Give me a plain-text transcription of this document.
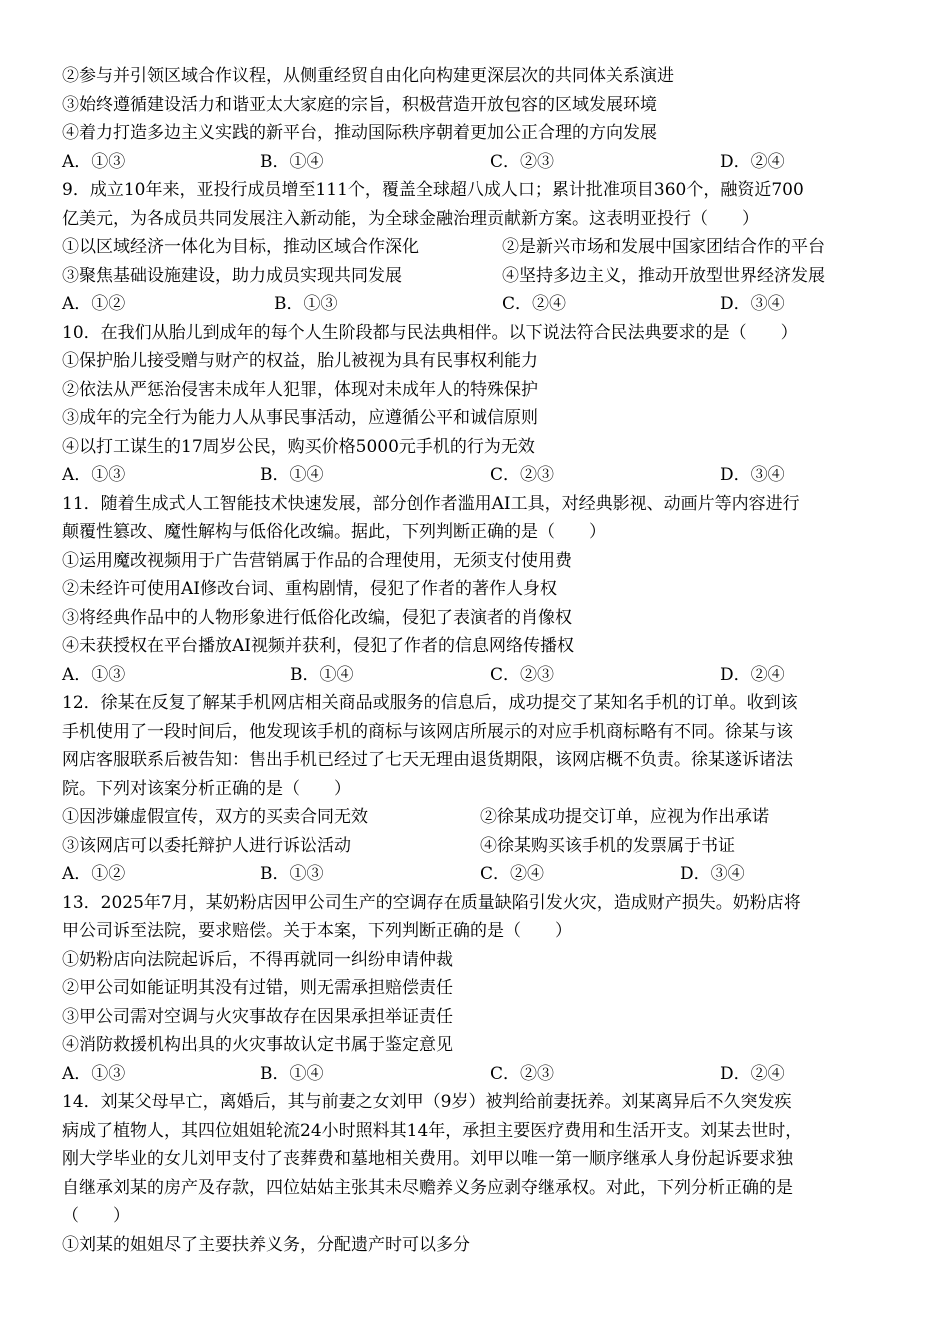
②参与并引领区域合作议程，从侧重经贸自由化向构建更深层次的共同体关系演进
③始终遵循建设活力和谐亚太大家庭的宗旨，积极营造开放包容的区域发展环境
④着力打造多边主义实践的新平台，推动国际秩序朝着更加公正合理的方向发展
A．①③	B．①④	C．②③	D．②④
9．成立10年来，亚投行成员增至111个，覆盖全球超八成人口；累计批准项目360个，融资近700
亿美元，为各成员共同发展注入新动能，为全球金融治理贡献新方案。这表明亚投行（　　）
①以区域经济一体化为目标，推动区域合作深化	②是新兴市场和发展中国家团结合作的平台
③聚焦基础设施建设，助力成员实现共同发展	④坚持多边主义，推动开放型世界经济发展
A．①②	B．①③	C．②④	D．③④
10．在我们从胎儿到成年的每个人生阶段都与民法典相伴。以下说法符合民法典要求的是（　　）
①保护胎儿接受赠与财产的权益，胎儿被视为具有民事权利能力
②依法从严惩治侵害未成年人犯罪，体现对未成年人的特殊保护
③成年的完全行为能力人从事民事活动，应遵循公平和诚信原则
④以打工谋生的17周岁公民，购买价格5000元手机的行为无效
A．①③	B．①④	C．②③	D．③④
11．随着生成式人工智能技术快速发展，部分创作者滥用AI工具，对经典影视、动画片等内容进行
颠覆性篡改、魔性解构与低俗化改编。据此，下列判断正确的是（　　）
①运用魔改视频用于广告营销属于作品的合理使用，无须支付使用费
②未经许可使用AI修改台词、重构剧情，侵犯了作者的著作人身权
③将经典作品中的人物形象进行低俗化改编，侵犯了表演者的肖像权
④未获授权在平台播放AI视频并获利，侵犯了作者的信息网络传播权
A．①③	B．①④	C．②③	D．②④
12．徐某在反复了解某手机网店相关商品或服务的信息后，成功提交了某知名手机的订单。收到该
手机使用了一段时间后，他发现该手机的商标与该网店所展示的对应手机商标略有不同。徐某与该
网店客服联系后被告知：售出手机已经过了七天无理由退货期限，该网店概不负责。徐某遂诉诸法
院。下列对该案分析正确的是（　　）
①因涉嫌虚假宣传，双方的买卖合同无效	②徐某成功提交订单，应视为作出承诺
③该网店可以委托辩护人进行诉讼活动	④徐某购买该手机的发票属于书证
A．①②	B．①③	C．②④	D．③④
13．2025年7月，某奶粉店因甲公司生产的空调存在质量缺陷引发火灾，造成财产损失。奶粉店将
甲公司诉至法院，要求赔偿。关于本案，下列判断正确的是（　　）
①奶粉店向法院起诉后，不得再就同一纠纷申请仲裁
②甲公司如能证明其没有过错，则无需承担赔偿责任
③甲公司需对空调与火灾事故存在因果承担举证责任
④消防救援机构出具的火灾事故认定书属于鉴定意见
A．①③	B．①④	C．②③	D．②④
14．刘某父母早亡，离婚后，其与前妻之女刘甲（9岁）被判给前妻抚养。刘某离异后不久突发疾
病成了植物人，其四位姐姐轮流24小时照料其14年，承担主要医疗费用和生活开支。刘某去世时，
刚大学毕业的女儿刘甲支付了丧葬费和墓地相关费用。刘甲以唯一第一顺序继承人身份起诉要求独
自继承刘某的房产及存款，四位姑姑主张其未尽赡养义务应剥夺继承权。对此，下列分析正确的是
（　　）
①刘某的姐姐尽了主要扶养义务，分配遗产时可以多分
